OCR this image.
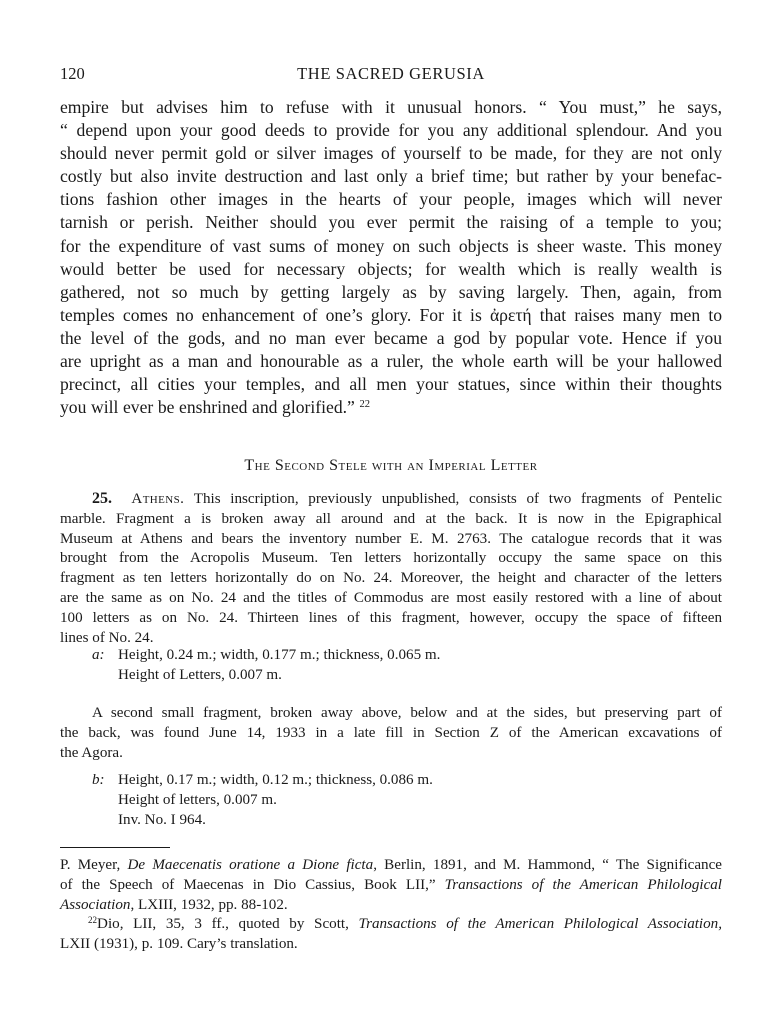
120	THE SACRED GERUSIA

empire but advises him to refuse with it unusual honors. “ You must,” he says,
“ depend upon your good deeds to provide for you any additional splendour. And you
should never permit gold or silver images of yourself to be made, for they are not only
costly but also invite destruction and last only a brief time; but rather by your benefac-
tions fashion other images in the hearts of your people, images which will never
tarnish or perish. Neither should you ever permit the raising of a temple to you;
for the expenditure of vast sums of money on such objects is sheer waste. This money
would better be used for necessary objects; for wealth which is really wealth is
gathered, not so much by getting largely as by saving largely. Then, again, from
temples comes no enhancement of one’s glory. For it is ἀρετή that raises many men to
the level of the gods, and no man ever became a god by popular vote. Hence if you
are upright as a man and honourable as a ruler, the whole earth will be your hallowed
precinct, all cities your temples, and all men your statues, since within their thoughts
you will ever be enshrined and glorified.” $^{22}$

The Second Stele with an Imperial Letter

25. Athens. This inscription, previously unpublished, consists of two fragments of Pentelic
marble. Fragment a is broken away all around and at the back. It is now in the Epigraphical
Museum at Athens and bears the inventory number E. M. 2763. The catalogue records that it was
brought from the Acropolis Museum. Ten letters horizontally occupy the same space on this
fragment as ten letters horizontally do on No. 24. Moreover, the height and character of the letters
are the same as on No. 24 and the titles of Commodus are most easily restored with a line of about
100 letters as on No. 24. Thirteen lines of this fragment, however, occupy the space of fifteen
lines of No. 24.

a: Height, 0.24 m.; width, 0.177 m.; thickness, 0.065 m.
Height of Letters, 0.007 m.

A second small fragment, broken away above, below and at the sides, but preserving part of
the back, was found June 14, 1933 in a late fill in Section Z of the American excavations of
the Agora.

b: Height, 0.17 m.; width, 0.12 m.; thickness, 0.086 m.
Height of letters, 0.007 m.
Inv. No. I 964.
P. Meyer, De Maecenatis oratione a Dione ficta, Berlin, 1891, and M. Hammond, “ The Significance
of the Speech of Maecenas in Dio Cassius, Book LII,” Transactions of the American Philological
Association, LXIII, 1932, pp. 88-102.
$^{22}$Dio, LII, 35, 3 ff., quoted by Scott, Transactions of the American Philological Association,
LXII (1931), p. 109. Cary’s translation.
